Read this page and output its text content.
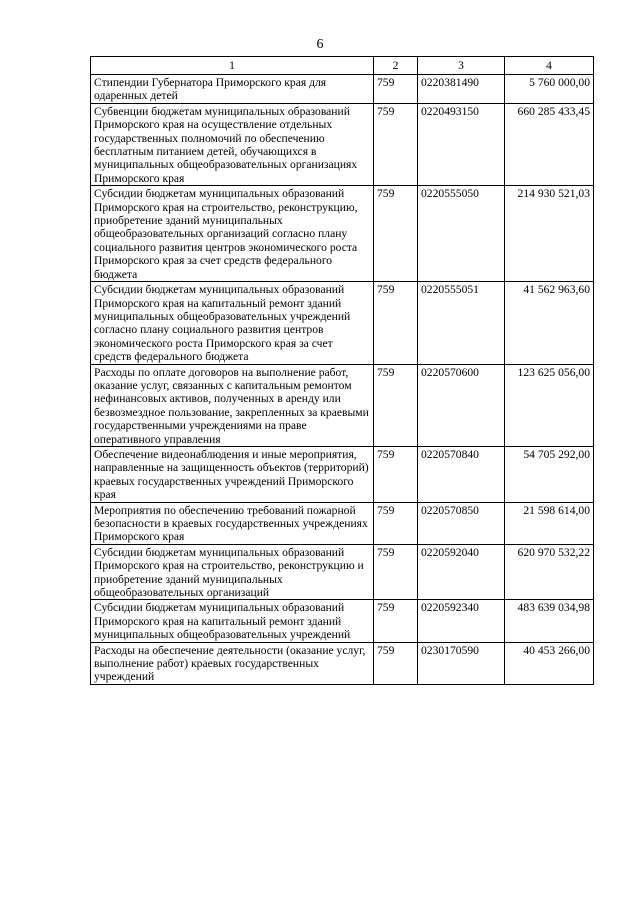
6
1	2	3	4
Стипендии Губернатора Приморского края для одаренных детей	759	0220381490	5 760 000,00
Субвенции бюджетам муниципальных образований Приморского края на осуществление отдельных государственных полномочий по обеспечению бесплатным питанием детей, обучающихся в муниципальных общеобразовательных организациях Приморского края	759	0220493150	660 285 433,45
Субсидии бюджетам муниципальных образований Приморского края на строительство, реконструкцию, приобретение зданий муниципальных общеобразовательных организаций согласно плану социального развития центров экономического роста Приморского края за счет средств федерального бюджета	759	0220555050	214 930 521,03
Субсидии бюджетам муниципальных образований Приморского края на капитальный ремонт зданий муниципальных общеобразовательных учреждений согласно плану социального развития центров экономического роста Приморского края за счет средств федерального бюджета	759	0220555051	41 562 963,60
Расходы по оплате договоров на выполнение работ, оказание услуг, связанных с капитальным ремонтом нефинансовых активов, полученных в аренду или безвозмездное пользование, закрепленных за краевыми государственными учреждениями на праве оперативного управления	759	0220570600	123 625 056,00
Обеспечение видеонаблюдения и иные мероприятия, направленные на защищенность объектов (территорий) краевых государственных учреждений Приморского края	759	0220570840	54 705 292,00
Мероприятия по обеспечению требований пожарной безопасности в краевых государственных учреждениях Приморского края	759	0220570850	21 598 614,00
Субсидии бюджетам муниципальных образований Приморского края на строительство, реконструкцию и приобретение зданий муниципальных общеобразовательных организаций	759	0220592040	620 970 532,22
Субсидии бюджетам муниципальных образований Приморского края на капитальный ремонт зданий муниципальных общеобразовательных учреждений	759	0220592340	483 639 034,98
Расходы на обеспечение деятельности (оказание услуг, выполнение работ) краевых государственных учреждений	759	0230170590	40 453 266,00
